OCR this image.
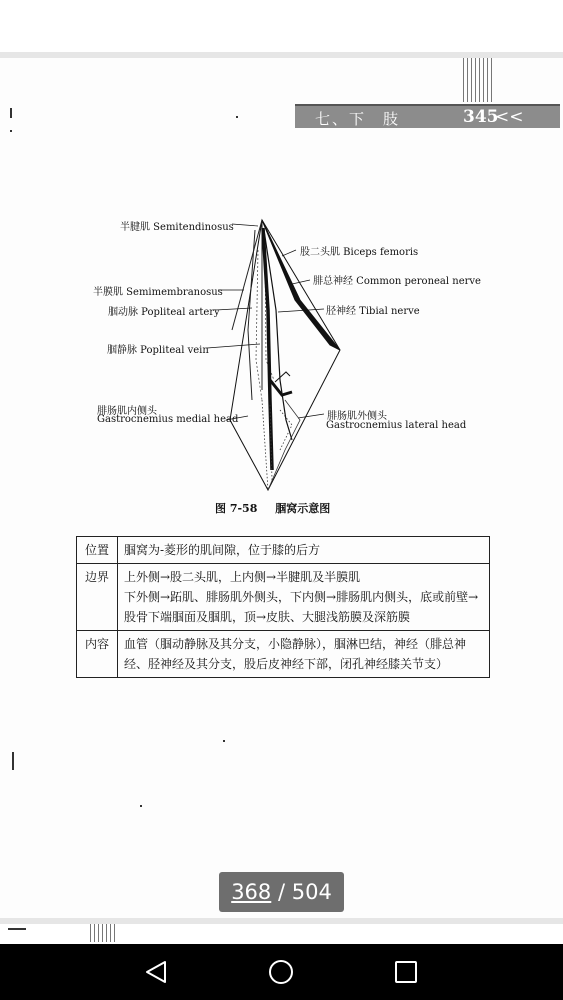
七、下　肢	345
<<
半腱肌 Semitendinosus
半膜肌 Semimembranosus
腘动脉 Popliteal artery
腘静脉 Popliteal vein
腓肠肌内侧头
Gastrocnemius medial head
股二头肌 Biceps femoris
腓总神经 Common peroneal nerve
胫神经 Tibial nerve
腓肠肌外侧头
Gastrocnemius lateral head
图 7-58 腘窝示意图
位置	腘窝为-菱形的肌间隙，位于膝的后方
边界	上外侧→股二头肌，上内侧→半腱肌及半膜肌
下外侧→跖肌、腓肠肌外侧头，下内侧→腓肠肌内侧头，底或前壁→股骨下端腘面及腘肌，顶→皮肤、大腿浅筋膜及深筋膜

内容	血管（腘动静脉及其分支，小隐静脉），腘淋巴结，神经（腓总神经、胫神经及其分支，股后皮神经下部，闭孔神经膝关节支）
368 / 504
